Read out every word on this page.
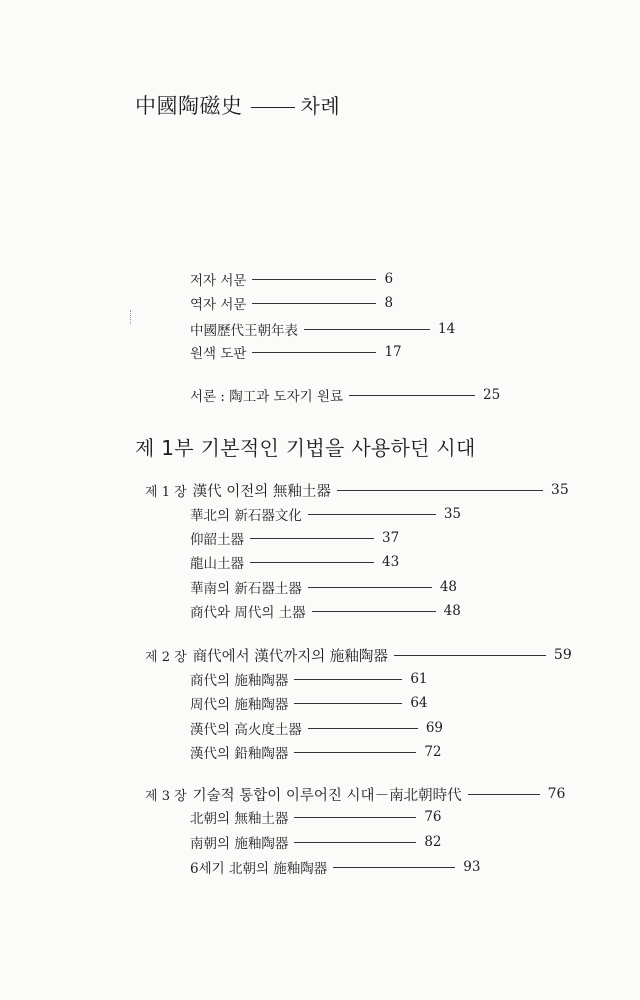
中國陶磁史	차례
저자 서문	6
역자 서문	8
中國歷代王朝年表	14
원색 도판	17
서론 : 陶工과 도자기 원료	25
제 1부 기본적인 기법을 사용하던 시대
제 1 장 漢代 이전의 無釉土器	35
華北의 新石器文化	35
仰韶土器	37
龍山土器	43
華南의 新石器土器	48
商代와 周代의 土器	48
제 2 장 商代에서 漢代까지의 施釉陶器	59
商代의 施釉陶器	61
周代의 施釉陶器	64
漢代의 高火度土器	69
漢代의 鉛釉陶器	72
제 3 장 기술적 통합이 이루어진 시대－南北朝時代	76
北朝의 無釉土器	76
南朝의 施釉陶器	82
6세기 北朝의 施釉陶器	93
